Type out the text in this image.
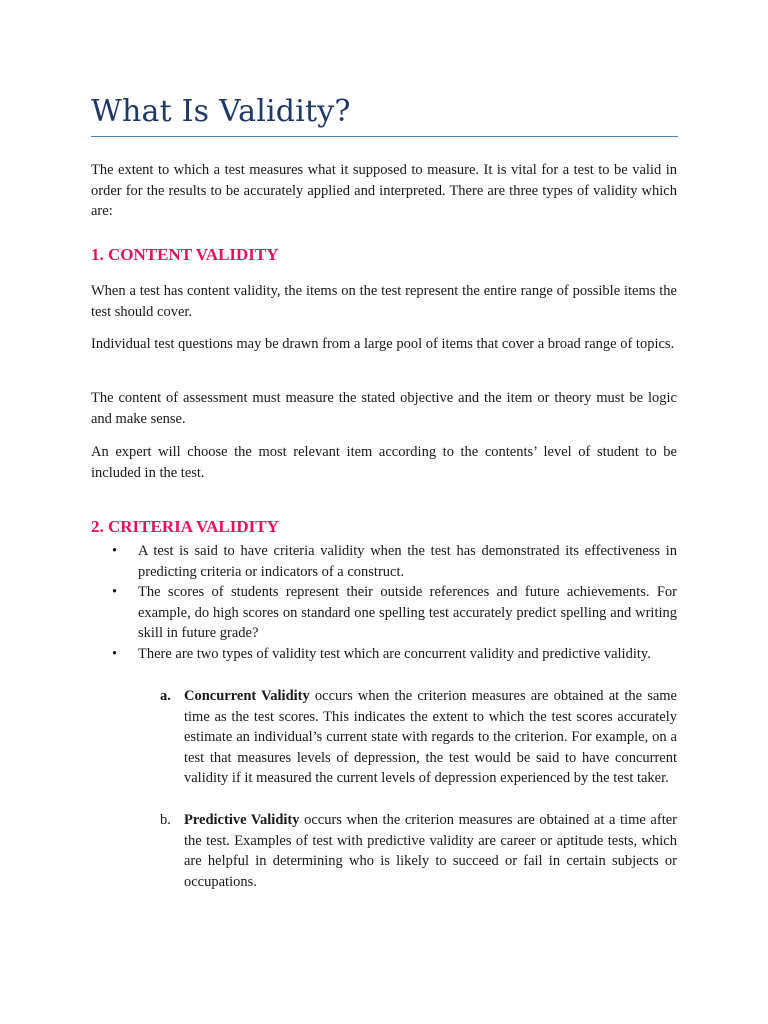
What Is Validity?

The extent to which a test measures what it supposed to measure. It is vital for a test to be valid in order for the results to be accurately applied and interpreted. There are three types of validity which are:

1. CONTENT VALIDITY

When a test has content validity, the items on the test represent the entire range of possible items the test should cover.

Individual test questions may be drawn from a large pool of items that cover a broad range of topics.

The content of assessment must measure the stated objective and the item or theory must be logic and make sense.

An expert will choose the most relevant item according to the contents’ level of student to be included in the test.

2. CRITERIA VALIDITY
• A test is said to have criteria validity when the test has demonstrated its effectiveness in predicting criteria or indicators of a construct.
• The scores of students represent their outside references and future achievements. For example, do high scores on standard one spelling test accurately predict spelling and writing skill in future grade?
• There are two types of validity test which are concurrent validity and predictive validity.
a. Concurrent Validity occurs when the criterion measures are obtained at the same time as the test scores. This indicates the extent to which the test scores accurately estimate an individual’s current state with regards to the criterion. For example, on a test that measures levels of depression, the test would be said to have concurrent validity if it measured the current levels of depression experienced by the test taker.
b. Predictive Validity occurs when the criterion measures are obtained at a time after the test. Examples of test with predictive validity are career or aptitude tests, which are helpful in determining who is likely to succeed or fail in certain subjects or occupations.
